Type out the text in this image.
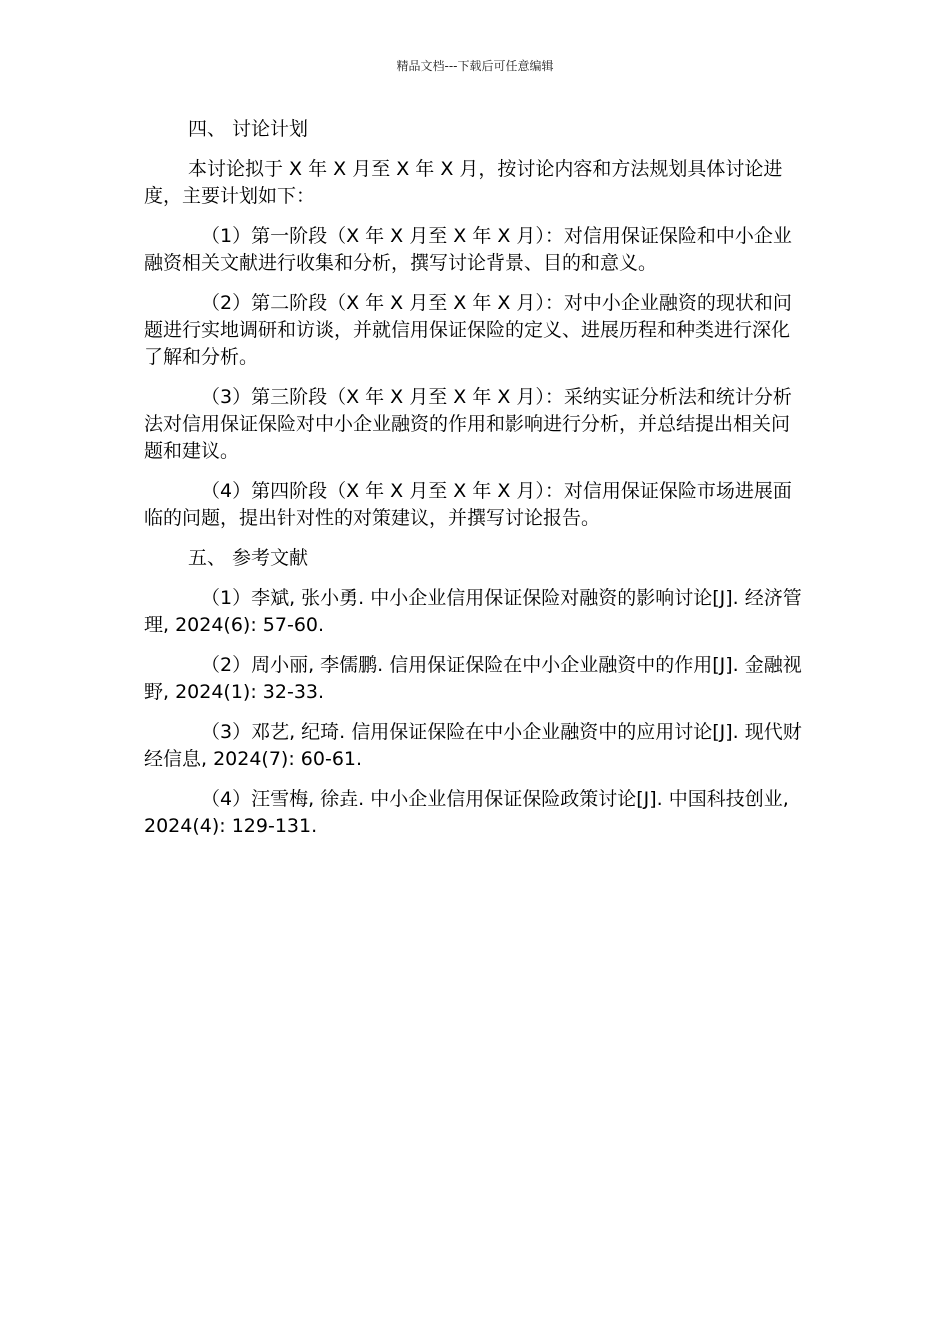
精品文档---下载后可任意编辑

四、 讨论计划

本讨论拟于 X 年 X 月至 X 年 X 月，按讨论内容和方法规划具体讨论进度，主要计划如下：

（1）第一阶段（X 年 X 月至 X 年 X 月）：对信用保证保险和中小企业融资相关文献进行收集和分析，撰写讨论背景、目的和意义。

（2）第二阶段（X 年 X 月至 X 年 X 月）：对中小企业融资的现状和问题进行实地调研和访谈，并就信用保证保险的定义、进展历程和种类进行深化了解和分析。

（3）第三阶段（X 年 X 月至 X 年 X 月）：采纳实证分析法和统计分析法对信用保证保险对中小企业融资的作用和影响进行分析，并总结提出相关问题和建议。

（4）第四阶段（X 年 X 月至 X 年 X 月）：对信用保证保险市场进展面临的问题，提出针对性的对策建议，并撰写讨论报告。

五、 参考文献

（1）李斌, 张小勇. 中小企业信用保证保险对融资的影响讨论[J]. 经济管理, 2024(6): 57-60.

（2）周小丽, 李儒鹏. 信用保证保险在中小企业融资中的作用[J]. 金融视野, 2024(1): 32-33.

（3）邓艺, 纪琦. 信用保证保险在中小企业融资中的应用讨论[J]. 现代财经信息, 2024(7): 60-61.

（4）汪雪梅, 徐垚. 中小企业信用保证保险政策讨论[J]. 中国科技创业, 2024(4): 129-131.
